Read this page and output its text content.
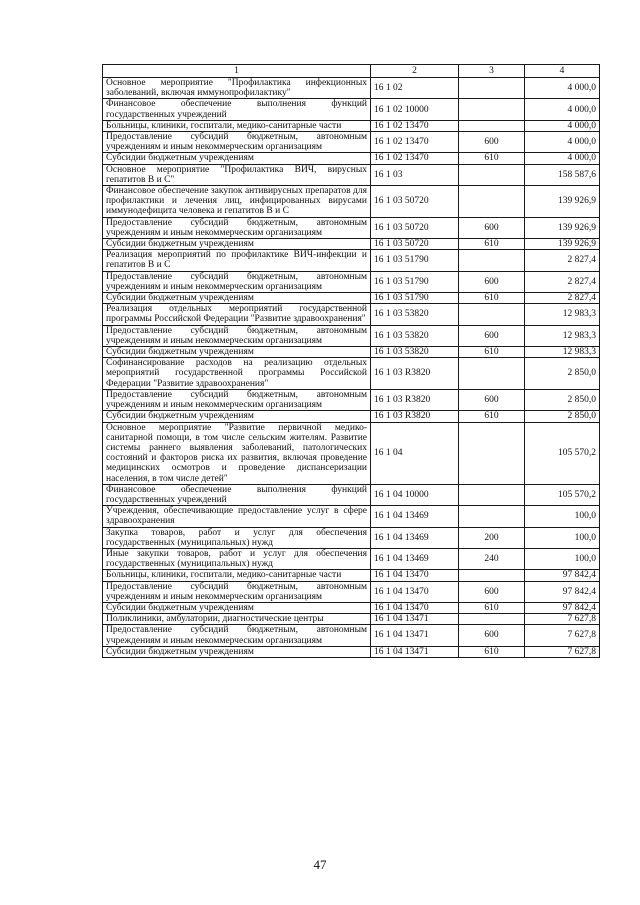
1	2	3	4
Основное мероприятие "Профилактика инфекционных заболеваний, включая иммунопрофилактику"	16 1 02		4 000,0
Финансовое обеспечение выполнения функций государственных учреждений	16 1 02 10000		4 000,0
Больницы, клиники, госпитали, медико-санитарные части	16 1 02 13470		4 000,0
Предоставление субсидий бюджетным, автономным учреждениям и иным некоммерческим организациям	16 1 02 13470	600	4 000,0
Субсидии бюджетным учреждениям	16 1 02 13470	610	4 000,0
Основное мероприятие "Профилактика ВИЧ, вирусных гепатитов В и С"	16 1 03		158 587,6
Финансовое обеспечение закупок антивирусных препаратов для профилактики и лечения лиц, инфицированных вирусами иммунодефицита человека и гепатитов В и С	16 1 03 50720		139 926,9
Предоставление субсидий бюджетным, автономным учреждениям и иным некоммерческим организациям	16 1 03 50720	600	139 926,9
Субсидии бюджетным учреждениям	16 1 03 50720	610	139 926,9
Реализация мероприятий по профилактике ВИЧ-инфекции и гепатитов В и С	16 1 03 51790		2 827,4
Предоставление субсидий бюджетным, автономным учреждениям и иным некоммерческим организациям	16 1 03 51790	600	2 827,4
Субсидии бюджетным учреждениям	16 1 03 51790	610	2 827,4
Реализация отдельных мероприятий государственной программы Российской Федерации "Развитие здравоохранения"	16 1 03 53820		12 983,3
Предоставление субсидий бюджетным, автономным учреждениям и иным некоммерческим организациям	16 1 03 53820	600	12 983,3
Субсидии бюджетным учреждениям	16 1 03 53820	610	12 983,3
Софинансирование расходов на реализацию отдельных мероприятий государственной программы Российской Федерации "Развитие здравоохранения"	16 1 03 R3820		2 850,0
Предоставление субсидий бюджетным, автономным учреждениям и иным некоммерческим организациям	16 1 03 R3820	600	2 850,0
Субсидии бюджетным учреждениям	16 1 03 R3820	610	2 850,0
Основное мероприятие "Развитие первичной медико-санитарной помощи, в том числе сельским жителям. Развитие системы раннего выявления заболеваний, патологических состояний и факторов риска их развития, включая проведение медицинских осмотров и проведение диспансеризации населения, в том числе детей"	16 1 04		105 570,2
Финансовое обеспечение выполнения функций государственных учреждений	16 1 04 10000		105 570,2
Учреждения, обеспечивающие предоставление услуг в сфере здравоохранения	16 1 04 13469		100,0
Закупка товаров, работ и услуг для обеспечения государственных (муниципальных) нужд	16 1 04 13469	200	100,0
Иные закупки товаров, работ и услуг для обеспечения государственных (муниципальных) нужд	16 1 04 13469	240	100,0
Больницы, клиники, госпитали, медико-санитарные части	16 1 04 13470		97 842,4
Предоставление субсидий бюджетным, автономным учреждениям и иным некоммерческим организациям	16 1 04 13470	600	97 842,4
Субсидии бюджетным учреждениям	16 1 04 13470	610	97 842,4
Поликлиники, амбулатории, диагностические центры	16 1 04 13471		7 627,8
Предоставление субсидий бюджетным, автономным учреждениям и иным некоммерческим организациям	16 1 04 13471	600	7 627,8
Субсидии бюджетным учреждениям	16 1 04 13471	610	7 627,8
47
